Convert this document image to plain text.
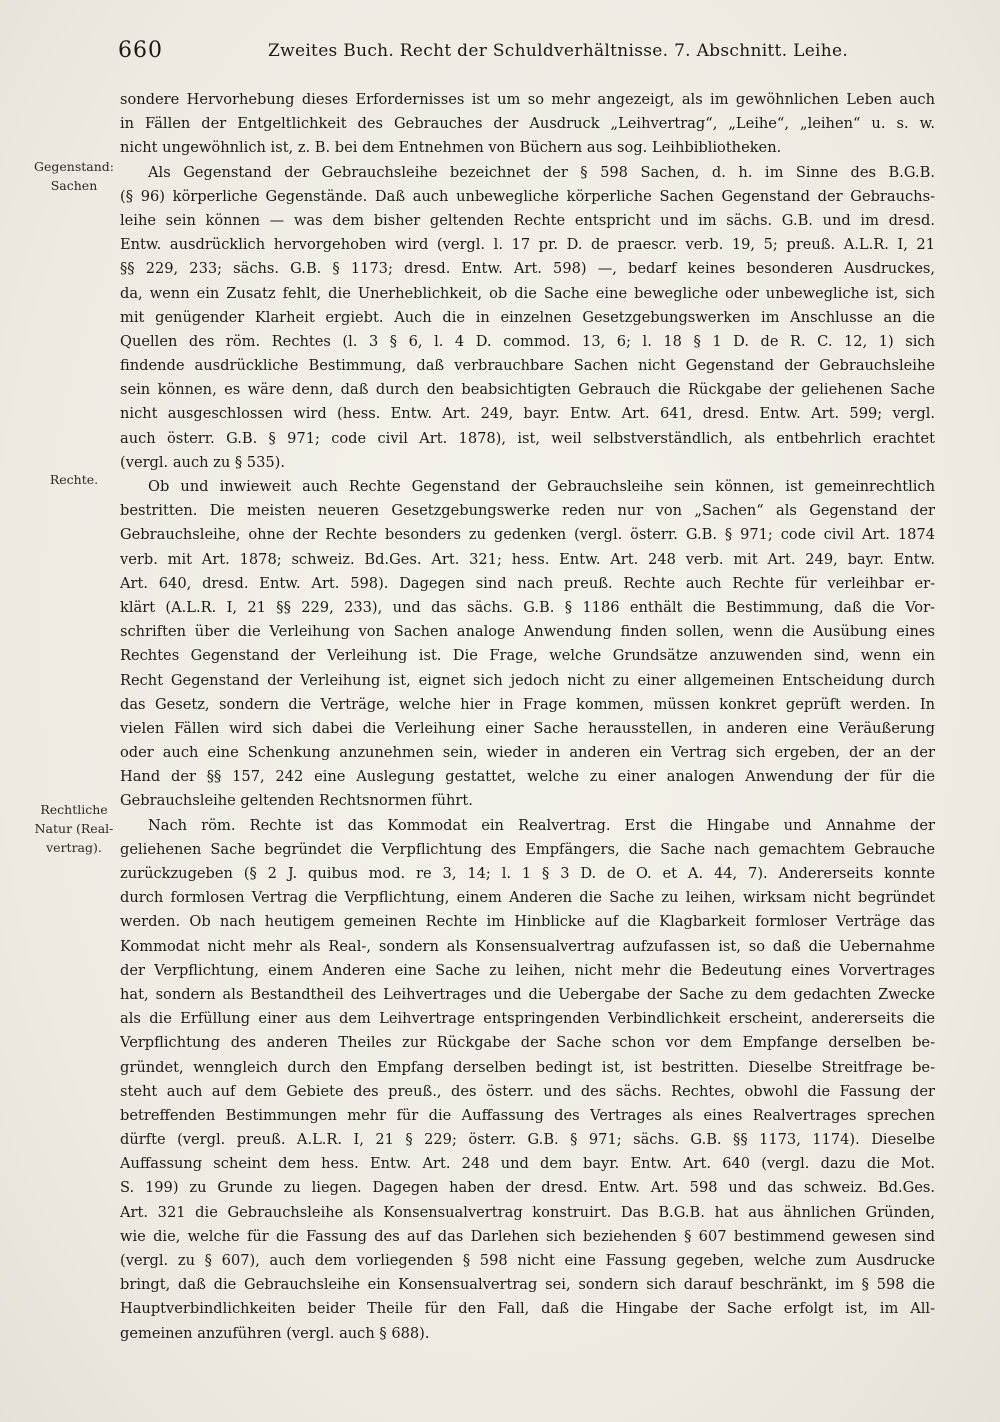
660	Zweites Buch. Recht der Schuldverhältnisse. 7. Abschnitt. Leihe.
Gegenstand:
Sachen
Rechte.
Rechtliche
Natur (Real-
vertrag).
sondere Hervorhebung dieses Erfordernisses ist um so mehr angezeigt, als im gewöhnlichen Leben auch
in Fällen der Entgeltlichkeit des Gebrauches der Ausdruck „Leihvertrag“, „Leihe“, „leihen“ u. s. w.
nicht ungewöhnlich ist, z. B. bei dem Entnehmen von Büchern aus sog. Leihbibliotheken.
Als Gegenstand der Gebrauchsleihe bezeichnet der § 598 Sachen, d. h. im Sinne des B.G.B.
(§ 96) körperliche Gegenstände. Daß auch unbewegliche körperliche Sachen Gegenstand der Gebrauchs-
leihe sein können — was dem bisher geltenden Rechte entspricht und im sächs. G.B. und im dresd.
Entw. ausdrücklich hervorgehoben wird (vergl. l. 17 pr. D. de praescr. verb. 19, 5; preuß. A.L.R. I, 21
§§ 229, 233; sächs. G.B. § 1173; dresd. Entw. Art. 598) —, bedarf keines besonderen Ausdruckes,
da, wenn ein Zusatz fehlt, die Unerheblichkeit, ob die Sache eine bewegliche oder unbewegliche ist, sich
mit genügender Klarheit ergiebt. Auch die in einzelnen Gesetzgebungswerken im Anschlusse an die
Quellen des röm. Rechtes (l. 3 § 6, l. 4 D. commod. 13, 6; l. 18 § 1 D. de R. C. 12, 1) sich
findende ausdrückliche Bestimmung, daß verbrauchbare Sachen nicht Gegenstand der Gebrauchsleihe
sein können, es wäre denn, daß durch den beabsichtigten Gebrauch die Rückgabe der geliehenen Sache
nicht ausgeschlossen wird (hess. Entw. Art. 249, bayr. Entw. Art. 641, dresd. Entw. Art. 599; vergl.
auch österr. G.B. § 971; code civil Art. 1878), ist, weil selbstverständlich, als entbehrlich erachtet
(vergl. auch zu § 535).
Ob und inwieweit auch Rechte Gegenstand der Gebrauchsleihe sein können, ist gemeinrechtlich
bestritten. Die meisten neueren Gesetzgebungswerke reden nur von „Sachen“ als Gegenstand der
Gebrauchsleihe, ohne der Rechte besonders zu gedenken (vergl. österr. G.B. § 971; code civil Art. 1874
verb. mit Art. 1878; schweiz. Bd.Ges. Art. 321; hess. Entw. Art. 248 verb. mit Art. 249, bayr. Entw.
Art. 640, dresd. Entw. Art. 598). Dagegen sind nach preuß. Rechte auch Rechte für verleihbar er-
klärt (A.L.R. I, 21 §§ 229, 233), und das sächs. G.B. § 1186 enthält die Bestimmung, daß die Vor-
schriften über die Verleihung von Sachen analoge Anwendung finden sollen, wenn die Ausübung eines
Rechtes Gegenstand der Verleihung ist. Die Frage, welche Grundsätze anzuwenden sind, wenn ein
Recht Gegenstand der Verleihung ist, eignet sich jedoch nicht zu einer allgemeinen Entscheidung durch
das Gesetz, sondern die Verträge, welche hier in Frage kommen, müssen konkret geprüft werden. In
vielen Fällen wird sich dabei die Verleihung einer Sache herausstellen, in anderen eine Veräußerung
oder auch eine Schenkung anzunehmen sein, wieder in anderen ein Vertrag sich ergeben, der an der
Hand der §§ 157, 242 eine Auslegung gestattet, welche zu einer analogen Anwendung der für die
Gebrauchsleihe geltenden Rechtsnormen führt.
Nach röm. Rechte ist das Kommodat ein Realvertrag. Erst die Hingabe und Annahme der
geliehenen Sache begründet die Verpflichtung des Empfängers, die Sache nach gemachtem Gebrauche
zurückzugeben (§ 2 J. quibus mod. re 3, 14; l. 1 § 3 D. de O. et A. 44, 7). Andererseits konnte
durch formlosen Vertrag die Verpflichtung, einem Anderen die Sache zu leihen, wirksam nicht begründet
werden. Ob nach heutigem gemeinen Rechte im Hinblicke auf die Klagbarkeit formloser Verträge das
Kommodat nicht mehr als Real-, sondern als Konsensualvertrag aufzufassen ist, so daß die Uebernahme
der Verpflichtung, einem Anderen eine Sache zu leihen, nicht mehr die Bedeutung eines Vorvertrages
hat, sondern als Bestandtheil des Leihvertrages und die Uebergabe der Sache zu dem gedachten Zwecke
als die Erfüllung einer aus dem Leihvertrage entspringenden Verbindlichkeit erscheint, andererseits die
Verpflichtung des anderen Theiles zur Rückgabe der Sache schon vor dem Empfange derselben be-
gründet, wenngleich durch den Empfang derselben bedingt ist, ist bestritten. Dieselbe Streitfrage be-
steht auch auf dem Gebiete des preuß., des österr. und des sächs. Rechtes, obwohl die Fassung der
betreffenden Bestimmungen mehr für die Auffassung des Vertrages als eines Realvertrages sprechen
dürfte (vergl. preuß. A.L.R. I, 21 § 229; österr. G.B. § 971; sächs. G.B. §§ 1173, 1174). Dieselbe
Auffassung scheint dem hess. Entw. Art. 248 und dem bayr. Entw. Art. 640 (vergl. dazu die Mot.
S. 199) zu Grunde zu liegen. Dagegen haben der dresd. Entw. Art. 598 und das schweiz. Bd.Ges.
Art. 321 die Gebrauchsleihe als Konsensualvertrag konstruirt. Das B.G.B. hat aus ähnlichen Gründen,
wie die, welche für die Fassung des auf das Darlehen sich beziehenden § 607 bestimmend gewesen sind
(vergl. zu § 607), auch dem vorliegenden § 598 nicht eine Fassung gegeben, welche zum Ausdrucke
bringt, daß die Gebrauchsleihe ein Konsensualvertrag sei, sondern sich darauf beschränkt, im § 598 die
Hauptverbindlichkeiten beider Theile für den Fall, daß die Hingabe der Sache erfolgt ist, im All-
gemeinen anzuführen (vergl. auch § 688).
